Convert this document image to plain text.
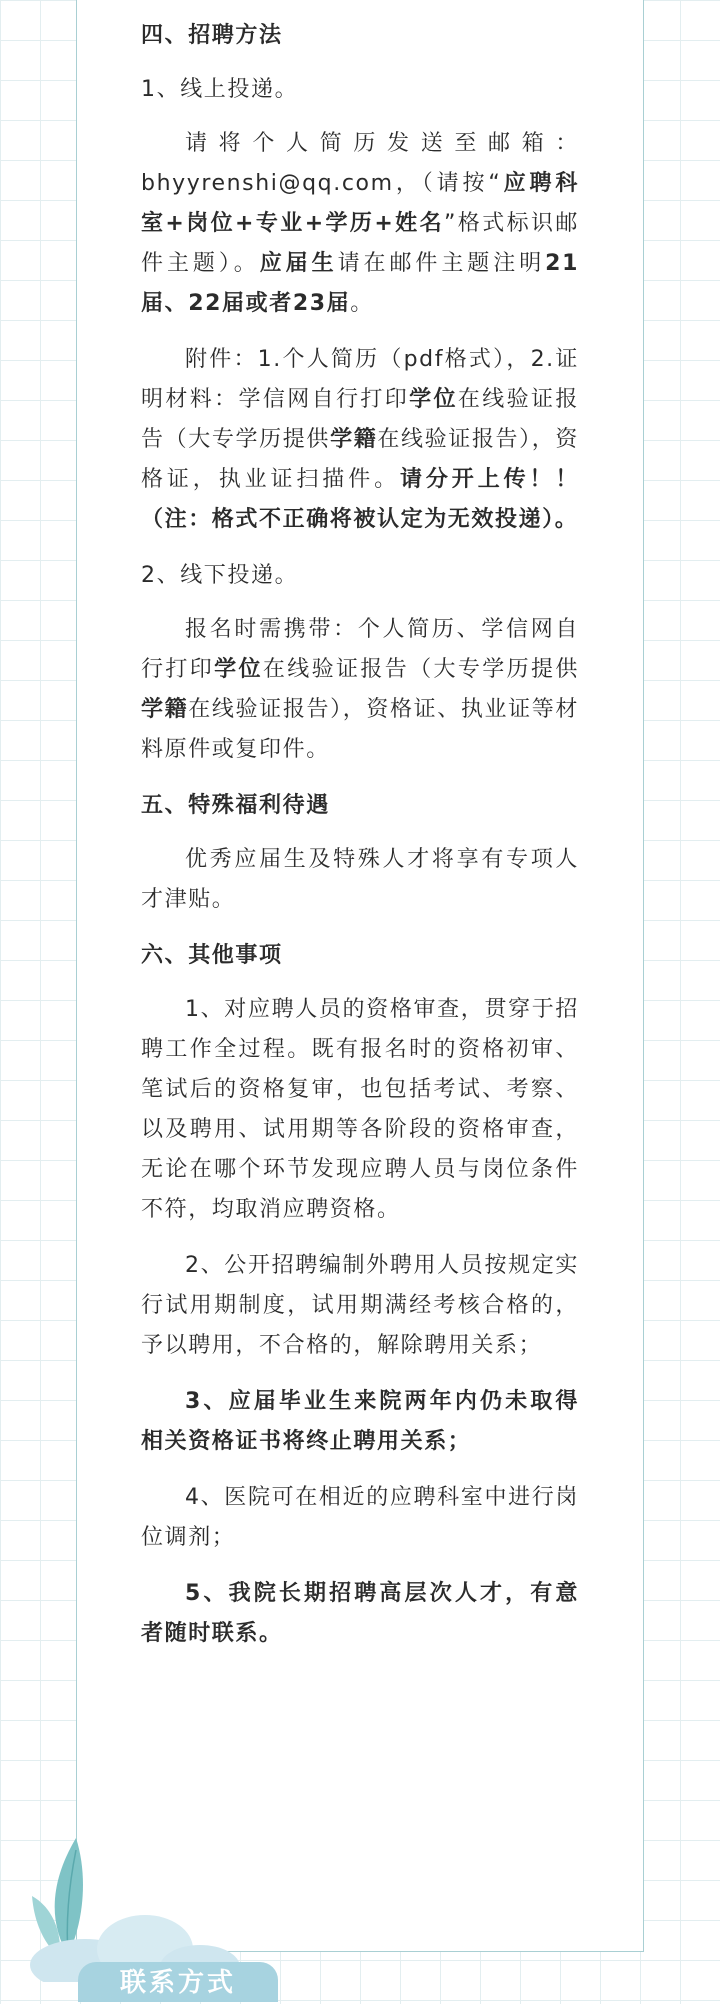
四、招聘方法

1、线上投递。

请将个人简历发送至邮箱：bhyyrenshi@qq.com，（请按“应聘科室+岗位+专业+学历+姓名”格式标识邮件主题）。应届生请在邮件主题注明21届、22届或者23届。

附件：1.个人简历（pdf格式），2.证明材料：学信网自行打印学位在线验证报告（大专学历提供学籍在线验证报告），资格证，执业证扫描件。请分开上传！！（注：格式不正确将被认定为无效投递）。

2、线下投递。

报名时需携带：个人简历、学信网自行打印学位在线验证报告（大专学历提供学籍在线验证报告），资格证、执业证等材料原件或复印件。

五、特殊福利待遇

优秀应届生及特殊人才将享有专项人才津贴。

六、其他事项

1、对应聘人员的资格审查，贯穿于招聘工作全过程。既有报名时的资格初审、笔试后的资格复审，也包括考试、考察、以及聘用、试用期等各阶段的资格审查，无论在哪个环节发现应聘人员与岗位条件不符，均取消应聘资格。

2、公开招聘编制外聘用人员按规定实行试用期制度，试用期满经考核合格的，予以聘用，不合格的，解除聘用关系；

3、应届毕业生来院两年内仍未取得相关资格证书将终止聘用关系；

4、医院可在相近的应聘科室中进行岗位调剂；

5、我院长期招聘高层次人才，有意者随时联系。

联系方式
